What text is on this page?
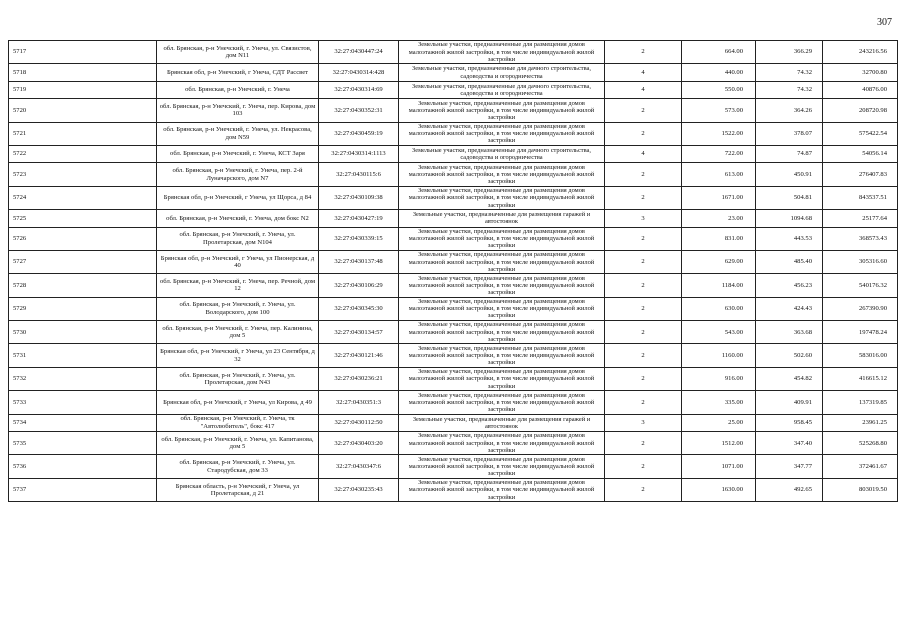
307
5717	обл. Брянская, р-н Унечский, г. Унеча, ул. Связистов, дом N11	32:27:0430447:24	Земельные участки, предназначенные для размещения домов малоэтажной жилой застройки, в том числе индивидуальной жилой застройки	2	664.00	366.29	243216.56
5718	Брянская обл, р-н Унечский, г Унеча, СДТ Рассвет	32:27:0430314:428	Земельные участки, предназначенные для дачного строительства, садоводства и огородничества	4	440.00	74.32	32700.80
5719	обл. Брянская, р-н Унечский, г. Унеча	32:27:0430314:69	Земельные участки, предназначенные для дачного строительства, садоводства и огородничества	4	550.00	74.32	40876.00
5720	обл. Брянская, р-н Унечский, г. Унеча, пер. Кирова, дом 103	32:27:0430352:31	Земельные участки, предназначенные для размещения домов малоэтажной жилой застройки, в том числе индивидуальной жилой застройки	2	573.00	364.26	208720.98
5721	обл. Брянская, р-н Унечский, г. Унеча, ул. Некрасова, дом N59	32:27:0430459:19	Земельные участки, предназначенные для размещения домов малоэтажной жилой застройки, в том числе индивидуальной жилой застройки	2	1522.00	378.07	575422.54
5722	обл. Брянская, р-н Унечский, г. Унеча, КСТ Заря	32:27:0430314:1113	Земельные участки, предназначенные для дачного строительства, садоводства и огородничества	4	722.00	74.87	54056.14
5723	обл. Брянская, р-н Унечский, г. Унеча, пер. 2-й Луначарского, дом N7	32:27:0430115:6	Земельные участки, предназначенные для размещения домов малоэтажной жилой застройки, в том числе индивидуальной жилой застройки	2	613.00	450.91	276407.83
5724	Брянская обл, р-н Унечский, г Унеча, ул Щорса, д 84	32:27:0430109:38	Земельные участки, предназначенные для размещения домов малоэтажной жилой застройки, в том числе индивидуальной жилой застройки	2	1671.00	504.81	843537.51
5725	обл. Брянская, р-н Унечский, г. Унеча, дом бокс N2	32:27:0430427:19	Земельные участки, предназначенные для размещения гаражей и автостоянок	3	23.00	1094.68	25177.64
5726	обл. Брянская, р-н Унечский, г. Унеча, ул. Пролетарская, дом N104	32:27:0430339:15	Земельные участки, предназначенные для размещения домов малоэтажной жилой застройки, в том числе индивидуальной жилой застройки	2	831.00	443.53	368573.43
5727	Брянская обл, р-н Унечский, г Унеча, ул Пионерская, д 40	32:27:0430137:48	Земельные участки, предназначенные для размещения домов малоэтажной жилой застройки, в том числе индивидуальной жилой застройки	2	629.00	485.40	305316.60
5728	обл. Брянская, р-н Унечский, г. Унеча, пер. Речной, дом 12	32:27:0430106:29	Земельные участки, предназначенные для размещения домов малоэтажной жилой застройки, в том числе индивидуальной жилой застройки	2	1184.00	456.23	540176.32
5729	обл. Брянская, р-н Унечский, г. Унеча, ул. Володарского, дом 100	32:27:0430345:30	Земельные участки, предназначенные для размещения домов малоэтажной жилой застройки, в том числе индивидуальной жилой застройки	2	630.00	424.43	267390.90
5730	обл. Брянская, р-н Унечский, г. Унеча, пер. Калинина, дом 5	32:27:0430134:57	Земельные участки, предназначенные для размещения домов малоэтажной жилой застройки, в том числе индивидуальной жилой застройки	2	543.00	363.68	197478.24
5731	Брянская обл, р-н Унечский, г Унеча, ул 23 Сентября, д 32	32:27:0430121:46	Земельные участки, предназначенные для размещения домов малоэтажной жилой застройки, в том числе индивидуальной жилой застройки	2	1160.00	502.60	583016.00
5732	обл. Брянская, р-н Унечский, г. Унеча, ул. Пролетарская, дом N43	32:27:0430236:21	Земельные участки, предназначенные для размещения домов малоэтажной жилой застройки, в том числе индивидуальной жилой застройки	2	916.00	454.82	416615.12
5733	Брянская обл, р-н Унечский, г Унеча, ул Кирова, д 49	32:27:0430351:3	Земельные участки, предназначенные для размещения домов малоэтажной жилой застройки, в том числе индивидуальной жилой застройки	2	335.00	409.91	137319.85
5734	обл. Брянская, р-н Унечский, г. Унеча, тк "Автолюбитель", бокс 417	32:27:0430112:50	Земельные участки, предназначенные для размещения гаражей и автостоянок	3	25.00	958.45	23961.25
5735	обл. Брянская, р-н Унечский, г. Унеча, ул. Капитанова, дом 5	32:27:0430403:20	Земельные участки, предназначенные для размещения домов малоэтажной жилой застройки, в том числе индивидуальной жилой застройки	2	1512.00	347.40	525268.80
5736	обл. Брянская, р-н Унечский, г. Унеча, ул. Стародубская, дом 33	32:27:0430347:6	Земельные участки, предназначенные для размещения домов малоэтажной жилой застройки, в том числе индивидуальной жилой застройки	2	1071.00	347.77	372461.67
5737	Брянская область, р-н Унечский, г Унеча, ул Пролетарская, д 21	32:27:0430235:43	Земельные участки, предназначенные для размещения домов малоэтажной жилой застройки, в том числе индивидуальной жилой застройки	2	1630.00	492.65	803019.50
